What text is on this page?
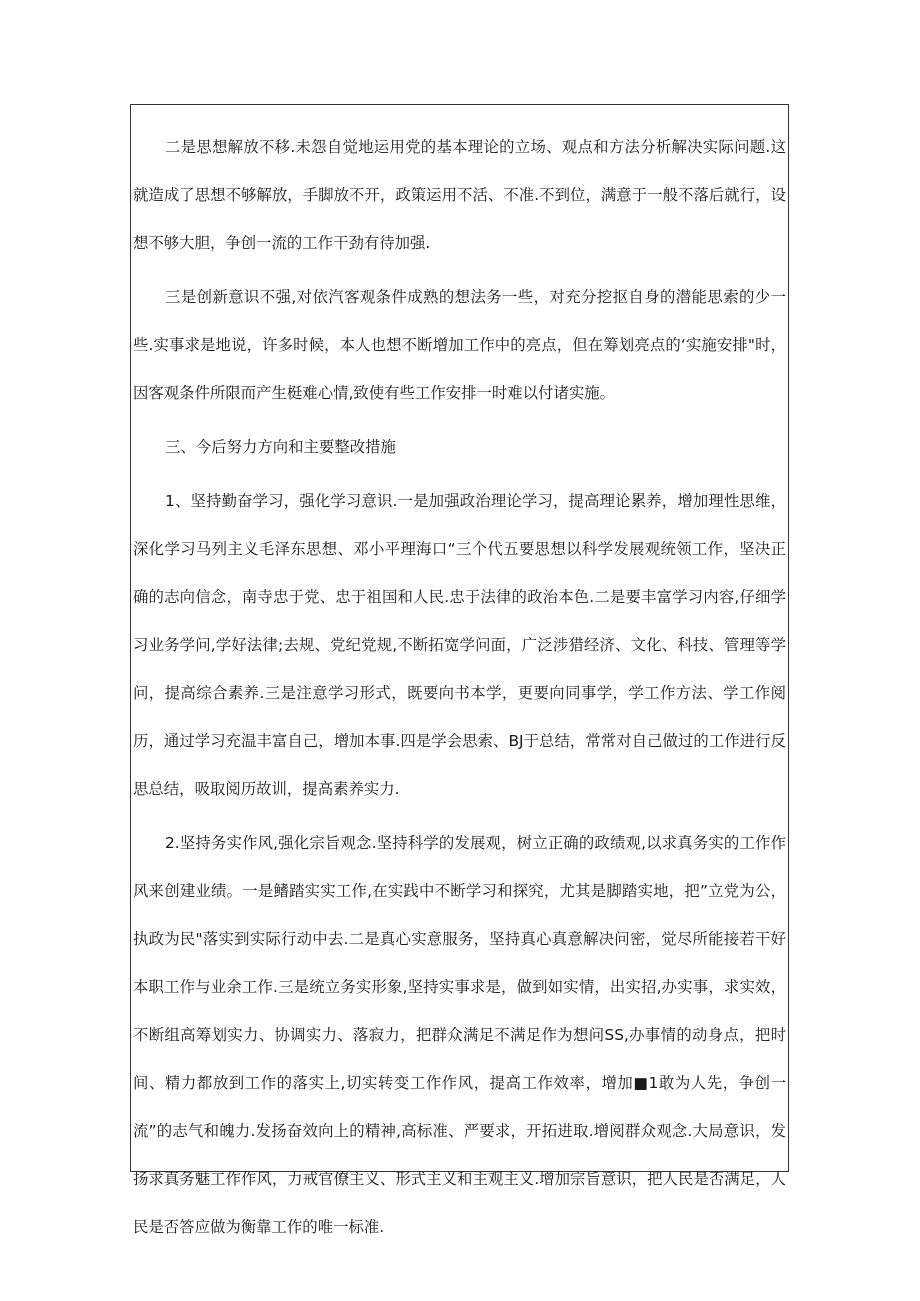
二是思想解放不移.未怨自觉地运用党的基本理论的立场、观点和方法分析解决实际问题.这就造成了思想不够解放，手脚放不开，政策运用不活、不准.不到位，满意于一般不落后就行，设想不够大胆，争创一流的工作干劲有待加强.

三是创新意识不强,对依汽客观条件成熟的想法务一些，对充分挖抠自身的潜能思索的少一些.实事求是地说，许多时候，本人也想不断增加工作中的亮点，但在筹划亮点的‘实施安排"时，因客观条件所限而产生梃难心情,致使有些工作安排一时难以付诸实施。

三、今后努力方向和主要整改措施

1、坚持勤奋学习，强化学习意识.一是加强政治理论学习，提高理论累养，增加理性思维，深化学习马列主义毛泽东思想、邓小平理海口“三个代五要思想以科学发展观统领工作，坚决正确的志向信念，南寺忠于党、忠于祖国和人民.忠于法律的政治本色.二是要丰富学习内容,仔细学习业务学问,学好法律;去规、党纪党规,不断拓宽学问面，广泛涉猎经济、文化、科技、管理等学问，提高综合素养.三是注意学习形式，既要向书本学，更要向同事学，学工作方法、学工作阅历，通过学习充温丰富自己，增加本事.四是学会思索、BJ于总结，常常对自己做过的工作进行反思总结，吸取阅历故训，提高素养实力.

2.坚持务实作风,强化宗旨观念.坚持科学的发展观，树立正确的政绩观,以求真务实的工作作风来创建业绩。一是鳍踏实实工作,在实践中不断学习和探究，尤其是脚踏实地，把”立党为公，执政为民"落实到实际行动中去.二是真心实意服务，坚持真心真意解决问密，觉尽所能接若干好本职工作与业余工作.三是统立务实形象,坚持实事求是，做到如实情，出实招,办实事，求实效，不断组高筹划实力、协调实力、落寂力，把群众满足不满足作为想问SS,办事情的动身点，把时间、精力都放到工作的落实上,切实转变工作作风，提高工作效率，增加■1敢为人先，争创一流”的志气和魄力.发扬奋效向上的精神,高标准、严要求，开拓进取.增阅群众观念.大局意识，发扬求真务魅工作作风，力戒官僚主义、形式主义和主观主义.增加宗旨意识，把人民是否满足，人民是否答应做为衡靠工作的唯一标准.
